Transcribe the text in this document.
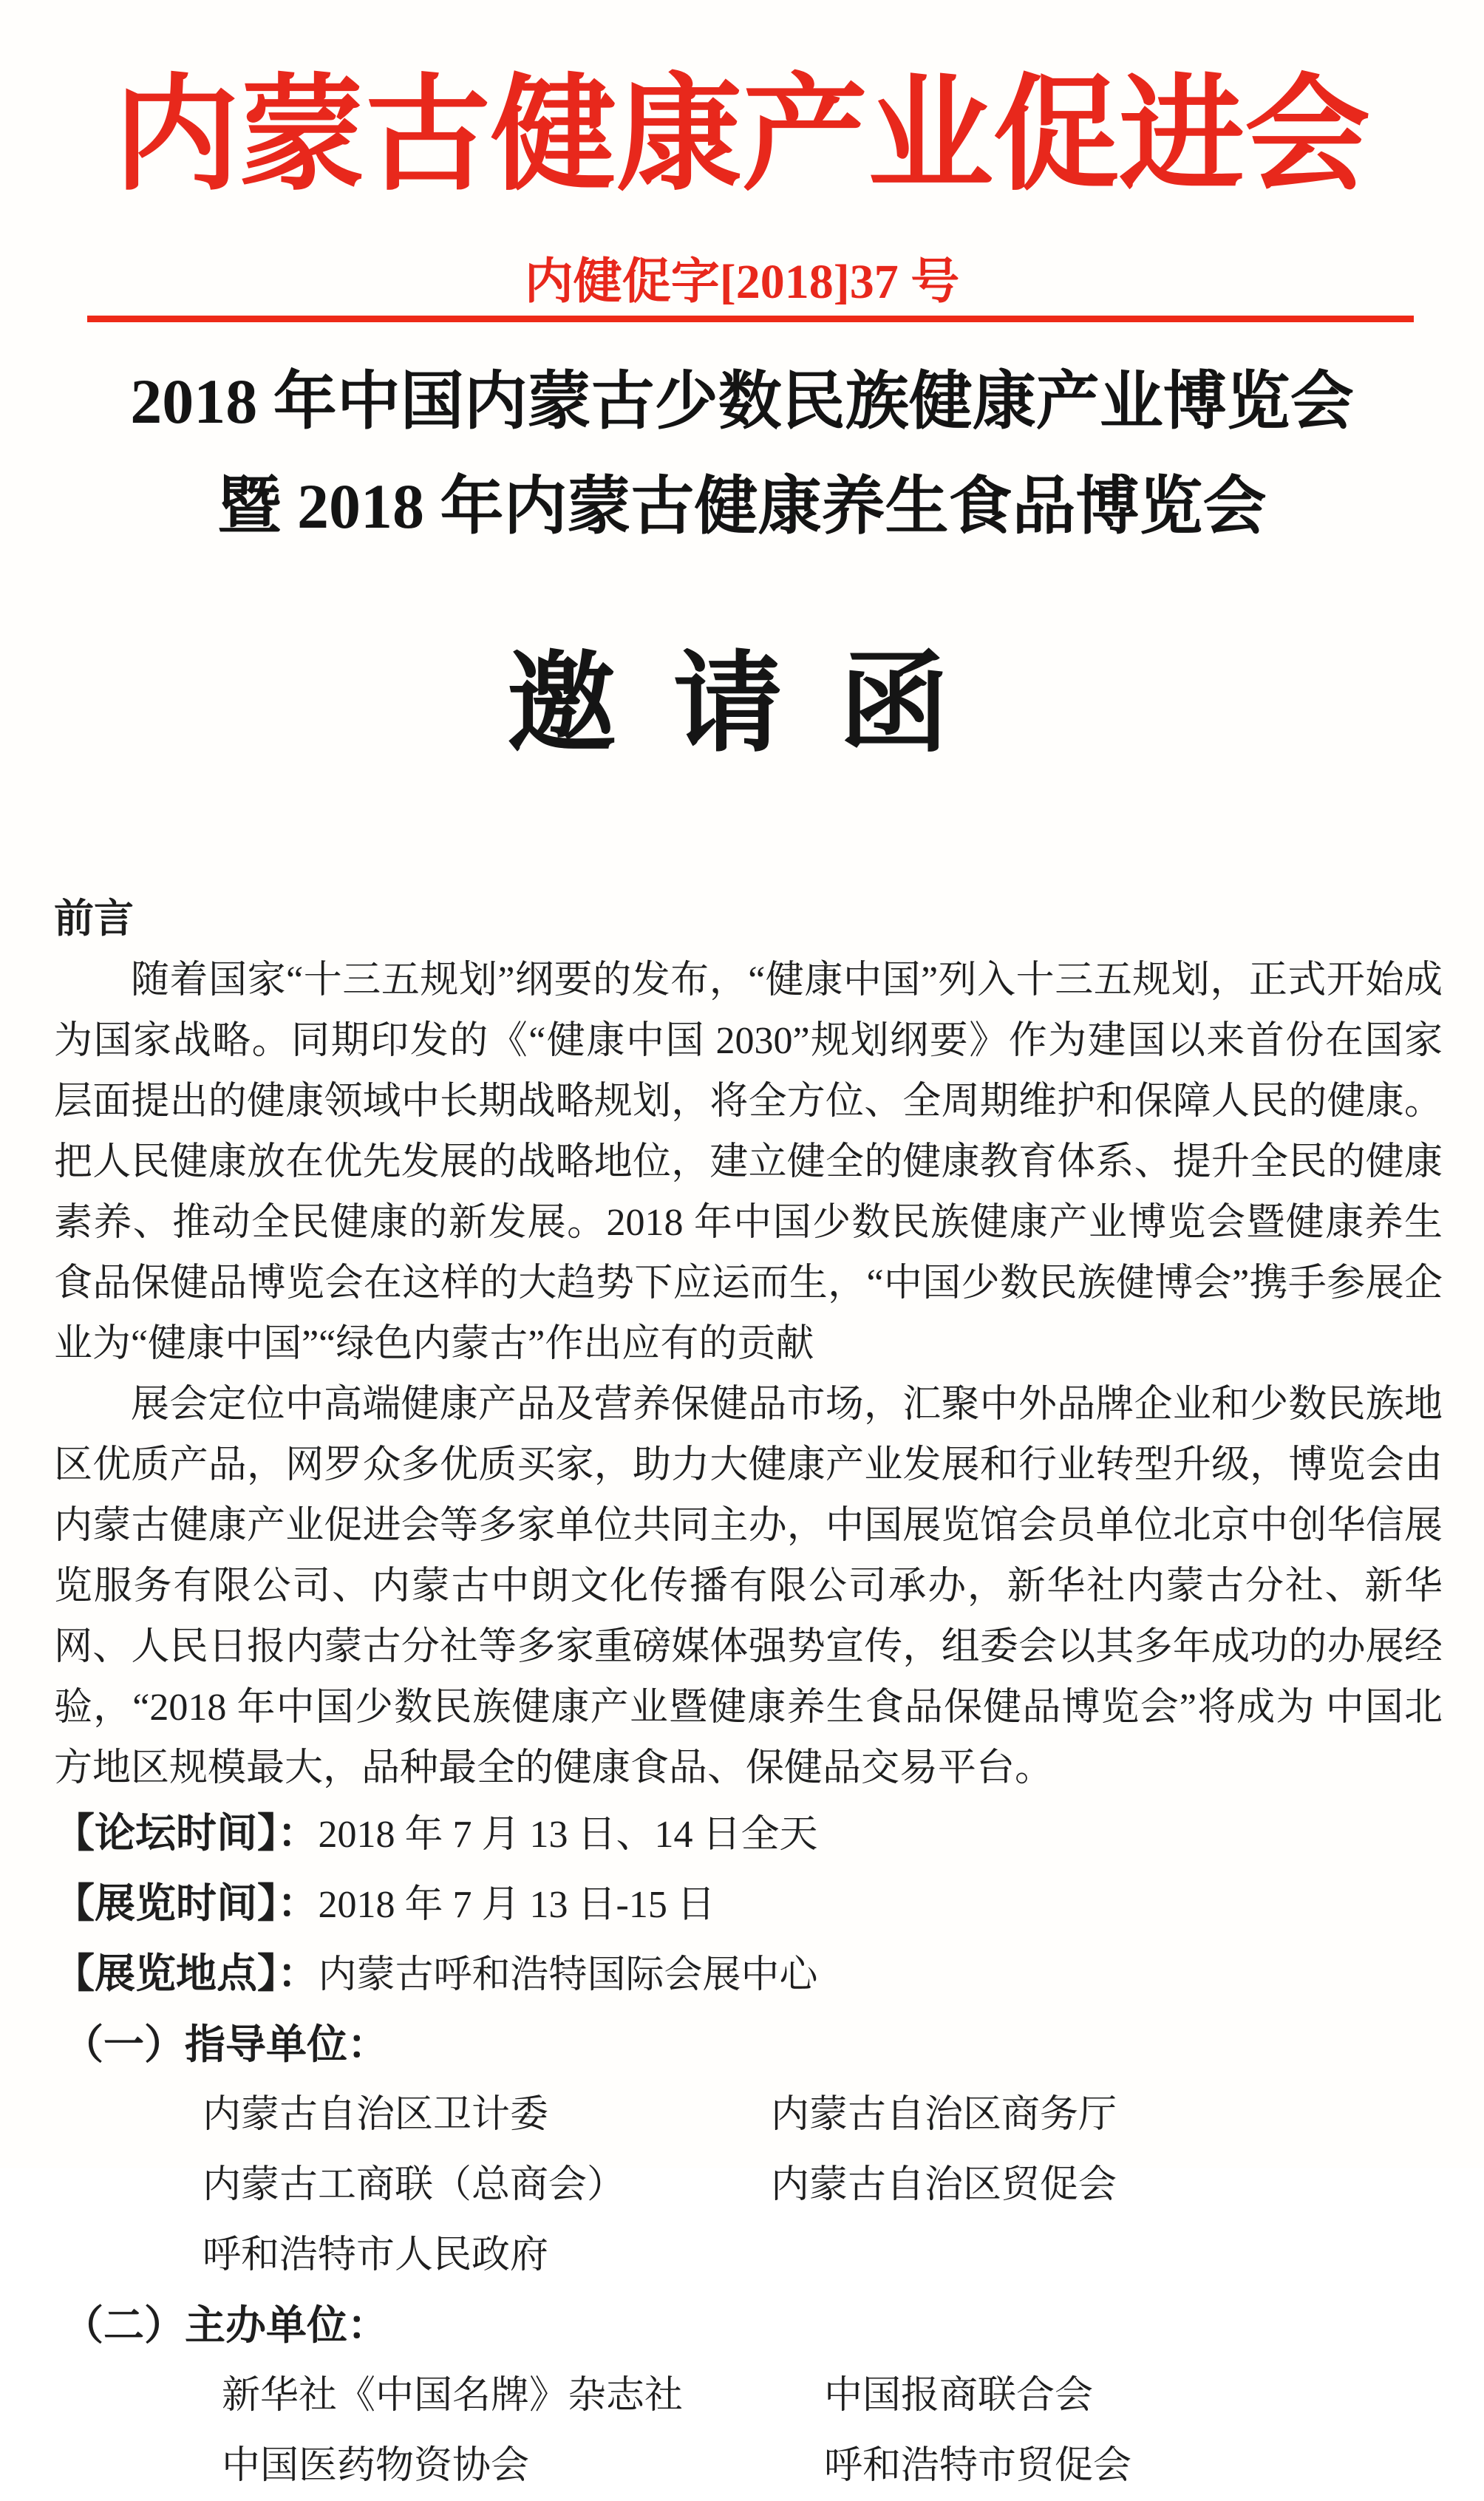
内蒙古健康产业促进会
内健促字[2018]37 号
2018 年中国内蒙古少数民族健康产业博览会
暨 2018 年内蒙古健康养生食品博览会
邀请函
前言

随着国家“十三五规划”纲要的发布，“健康中国”列入十三五规划，正式开始成为国家战略。同期印发的《“健康中国 2030”规划纲要》作为建国以来首份在国家层面提出的健康领域中长期战略规划，将全方位、全周期维护和保障人民的健康。把人民健康放在优先发展的战略地位，建立健全的健康教育体系、提升全民的健康素养、推动全民健康的新发展。2018 年中国少数民族健康产业博览会暨健康养生食品保健品博览会在这样的大趋势下应运而生，“中国少数民族健博会”携手参展企业为“健康中国”“绿色内蒙古”作出应有的贡献

展会定位中高端健康产品及营养保健品市场，汇聚中外品牌企业和少数民族地区优质产品，网罗众多优质买家，助力大健康产业发展和行业转型升级，博览会由内蒙古健康产业促进会等多家单位共同主办，中国展览馆会员单位北京中创华信展览服务有限公司、内蒙古中朗文化传播有限公司承办，新华社内蒙古分社、新华网、人民日报内蒙古分社等多家重磅媒体强势宣传，组委会以其多年成功的办展经验，“2018 年中国少数民族健康产业暨健康养生食品保健品博览会”将成为 中国北方地区规模最大，品种最全的健康食品、保健品交易平台。

【论坛时间】：2018 年 7 月 13 日、14 日全天
【展览时间】：2018 年 7 月 13 日-15 日
【展览地点】：内蒙古呼和浩特国际会展中心
（一）指导单位：
内蒙古自治区卫计委	内蒙古自治区商务厅
内蒙古工商联（总商会）	内蒙古自治区贸促会
呼和浩特市人民政府
（二）主办单位：
新华社《中国名牌》杂志社	中国报商联合会
中国医药物资协会	呼和浩特市贸促会
